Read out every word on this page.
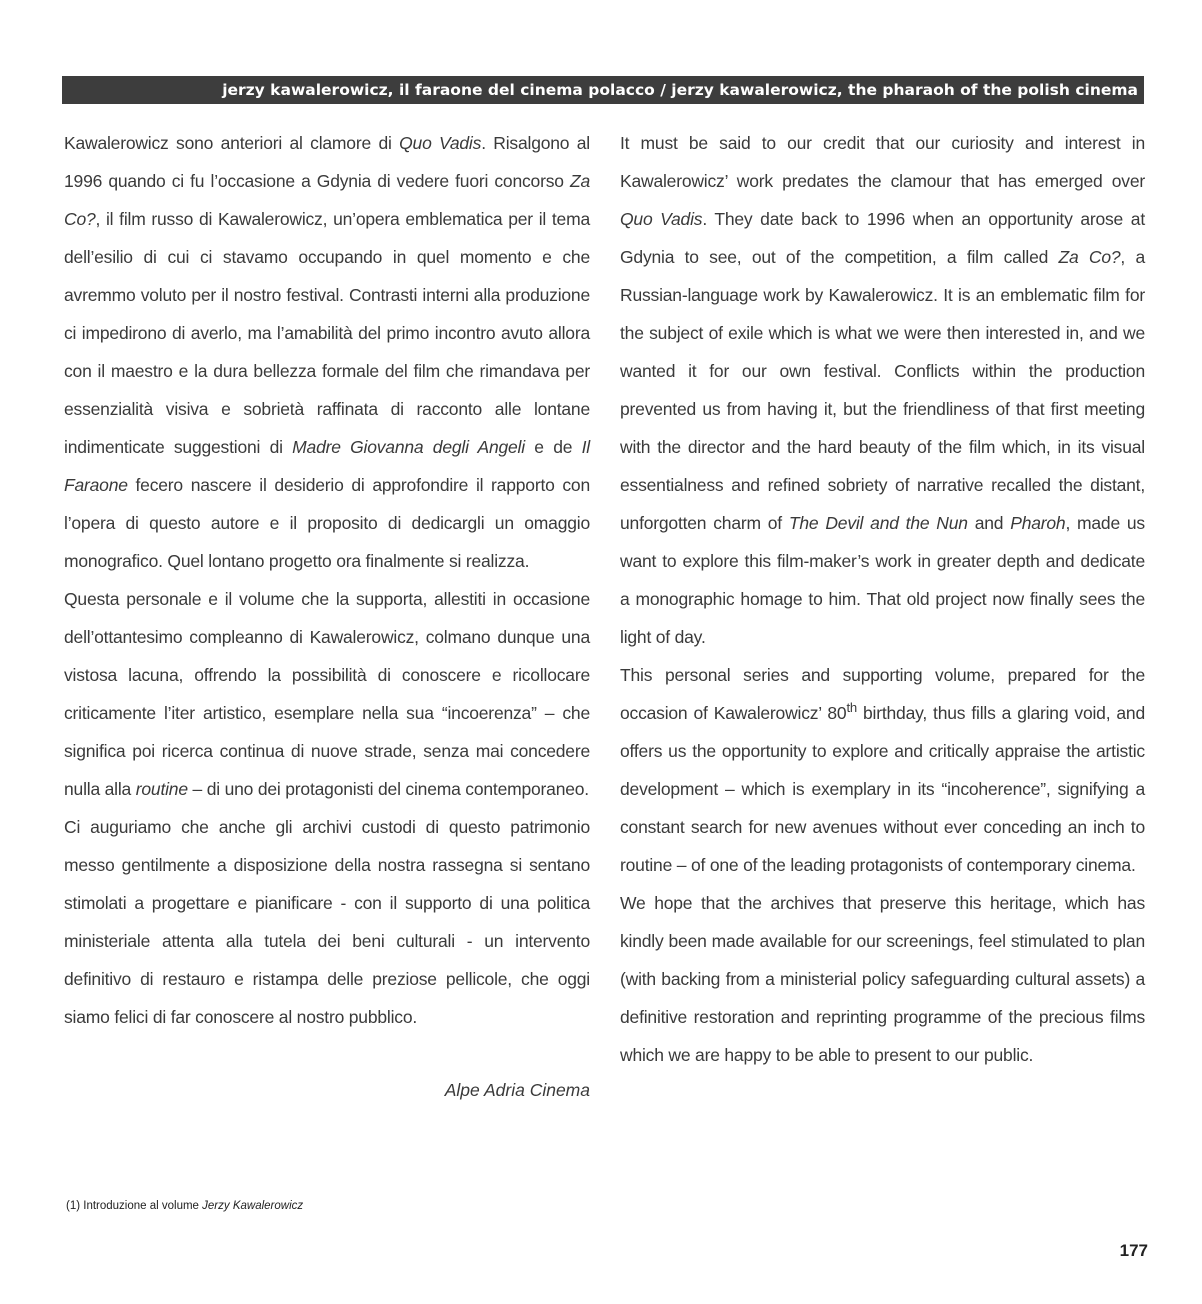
jerzy kawalerowicz, il faraone del cinema polacco / jerzy kawalerowicz, the pharaoh of the polish cinema

Kawalerowicz sono anteriori al clamore di Quo Vadis. Risalgono al 1996 quando ci fu l’occasione a Gdynia di vedere fuori concorso Za Co?, il film russo di Kawalerowicz, un’opera emblematica per il tema dell’esilio di cui ci stavamo occupando in quel momento e che avremmo voluto per il nostro festival. Contrasti interni alla produzione ci impedirono di averlo, ma l’amabilità del primo incontro avuto allora con il maestro e la dura bellezza formale del film che rimandava per essenzialità visiva e sobrietà raffinata di racconto alle lontane indimenticate suggestioni di Madre Giovanna degli Angeli e de Il Faraone fecero nascere il desiderio di approfondire il rapporto con l’opera di questo autore e il proposito di dedicargli un omaggio monografico. Quel lontano progetto ora finalmente si realizza.

Questa personale e il volume che la supporta, allestiti in occasione dell’ottantesimo compleanno di Kawalerowicz, colmano dunque una vistosa lacuna, offrendo la possibilità di conoscere e ricollocare criticamente l’iter artistico, esemplare nella sua “incoerenza” – che significa poi ricerca continua di nuove strade, senza mai concedere nulla alla routine – di uno dei protagonisti del cinema contemporaneo.

Ci auguriamo che anche gli archivi custodi di questo patrimonio messo gentilmente a disposizione della nostra rassegna si sentano stimolati a progettare e pianificare - con il supporto di una politica ministeriale attenta alla tutela dei beni culturali - un intervento definitivo di restauro e ristampa delle preziose pellicole, che oggi siamo felici di far conoscere al nostro pubblico.

Alpe Adria Cinema

It must be said to our credit that our curiosity and interest in Kawalerowicz’ work predates the clamour that has emerged over Quo Vadis. They date back to 1996 when an opportunity arose at Gdynia to see, out of the competition, a film called Za Co?, a Russian-language work by Kawalerowicz. It is an emblematic film for the subject of exile which is what we were then interested in, and we wanted it for our own festival. Conflicts within the production prevented us from having it, but the friendliness of that first meeting with the director and the hard beauty of the film which, in its visual essentialness and refined sobriety of narrative recalled the distant, unforgotten charm of The Devil and the Nun and Pharoh, made us want to explore this film-maker’s work in greater depth and dedicate a monographic homage to him. That old project now finally sees the light of day.

This personal series and supporting volume, prepared for the occasion of Kawalerowicz’ 80th birthday, thus fills a glaring void, and offers us the opportunity to explore and critically appraise the artistic development – which is exemplary in its “incoherence”, signifying a constant search for new avenues without ever conceding an inch to routine – of one of the leading protagonists of contemporary cinema.

We hope that the archives that preserve this heritage, which has kindly been made available for our screenings, feel stimulated to plan (with backing from a ministerial policy safeguarding cultural assets) a definitive restoration and reprinting programme of the precious films which we are happy to be able to present to our public.

(1) Introduzione al volume Jerzy Kawalerowicz
177
